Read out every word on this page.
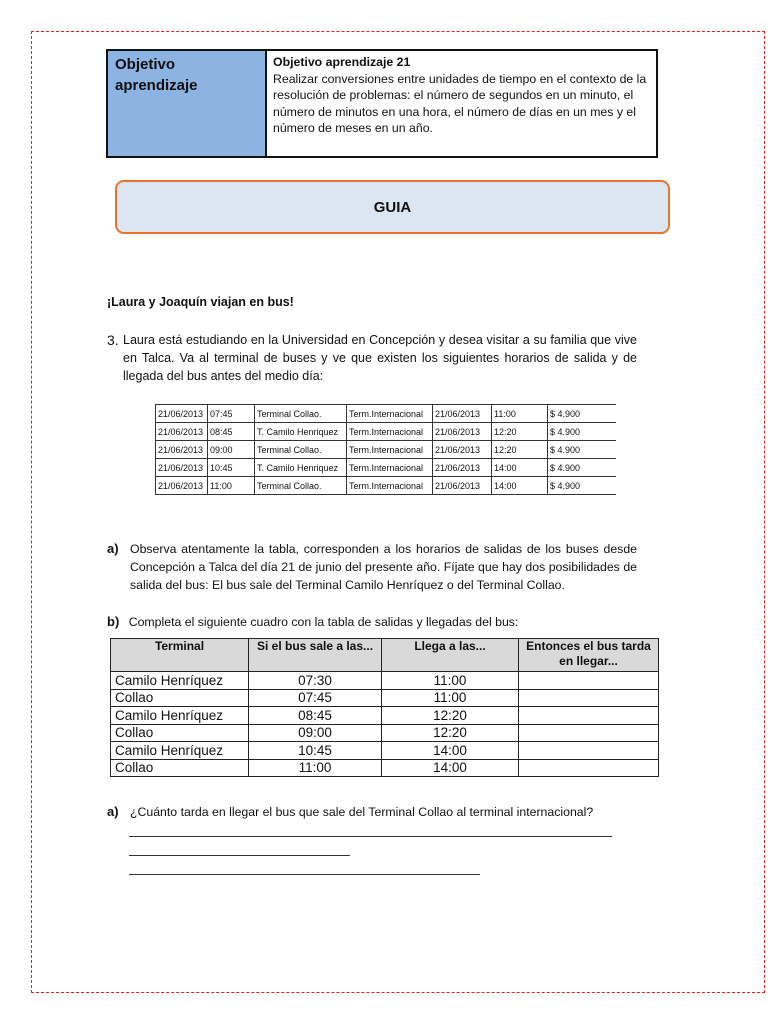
Objetivo aprendizaje
Objetivo aprendizaje 21
Realizar conversiones entre unidades de tiempo en el contexto de la resolución de problemas: el número de segundos en un minuto, el número de minutos en una hora, el número de días en un mes y el número de meses en un año.
GUIA
¡Laura y Joaquín viajan en bus!
3. Laura está estudiando en la Universidad en Concepción y desea visitar a su familia que vive en Talca. Va al terminal de buses y ve que existen los siguientes horarios de salida y de llegada del bus antes del medio día:
21/06/2013	07:45	Terminal Collao.	Term.Internacional	21/06/2013	11:00	$ 4.900
21/06/2013	08:45	T. Camilo Henriquez	Term.Internacional	21/06/2013	12:20	$ 4.900
21/06/2013	09:00	Terminal Collao.	Term.Internacional	21/06/2013	12:20	$ 4.900
21/06/2013	10:45	T. Camilo Henriquez	Term.Internacional	21/06/2013	14:00	$ 4.900
21/06/2013	11:00	Terminal Collao.	Term.Internacional	21/06/2013	14:00	$ 4.900
a) Observa atentamente la tabla, corresponden a los horarios de salidas de los buses desde Concepción a Talca del día 21 de junio del presente año. Fíjate que hay dos posibilidades de salida del bus: El bus sale del Terminal Camilo Henríquez o del Terminal Collao.
b) Completa el siguiente cuadro con la tabla de salidas y llegadas del bus:
Terminal	Si el bus sale a las...	Llega a las...	Entonces el bus tarda en llegar...
Camilo Henríquez	07:30	11:00	
Collao	07:45	11:00	
Camilo Henríquez	08:45	12:20	
Collao	09:00	12:20	
Camilo Henríquez	10:45	14:00	
Collao	11:00	14:00	
a) ¿Cuánto tarda en llegar el bus que sale del Terminal Collao al terminal internacional?
